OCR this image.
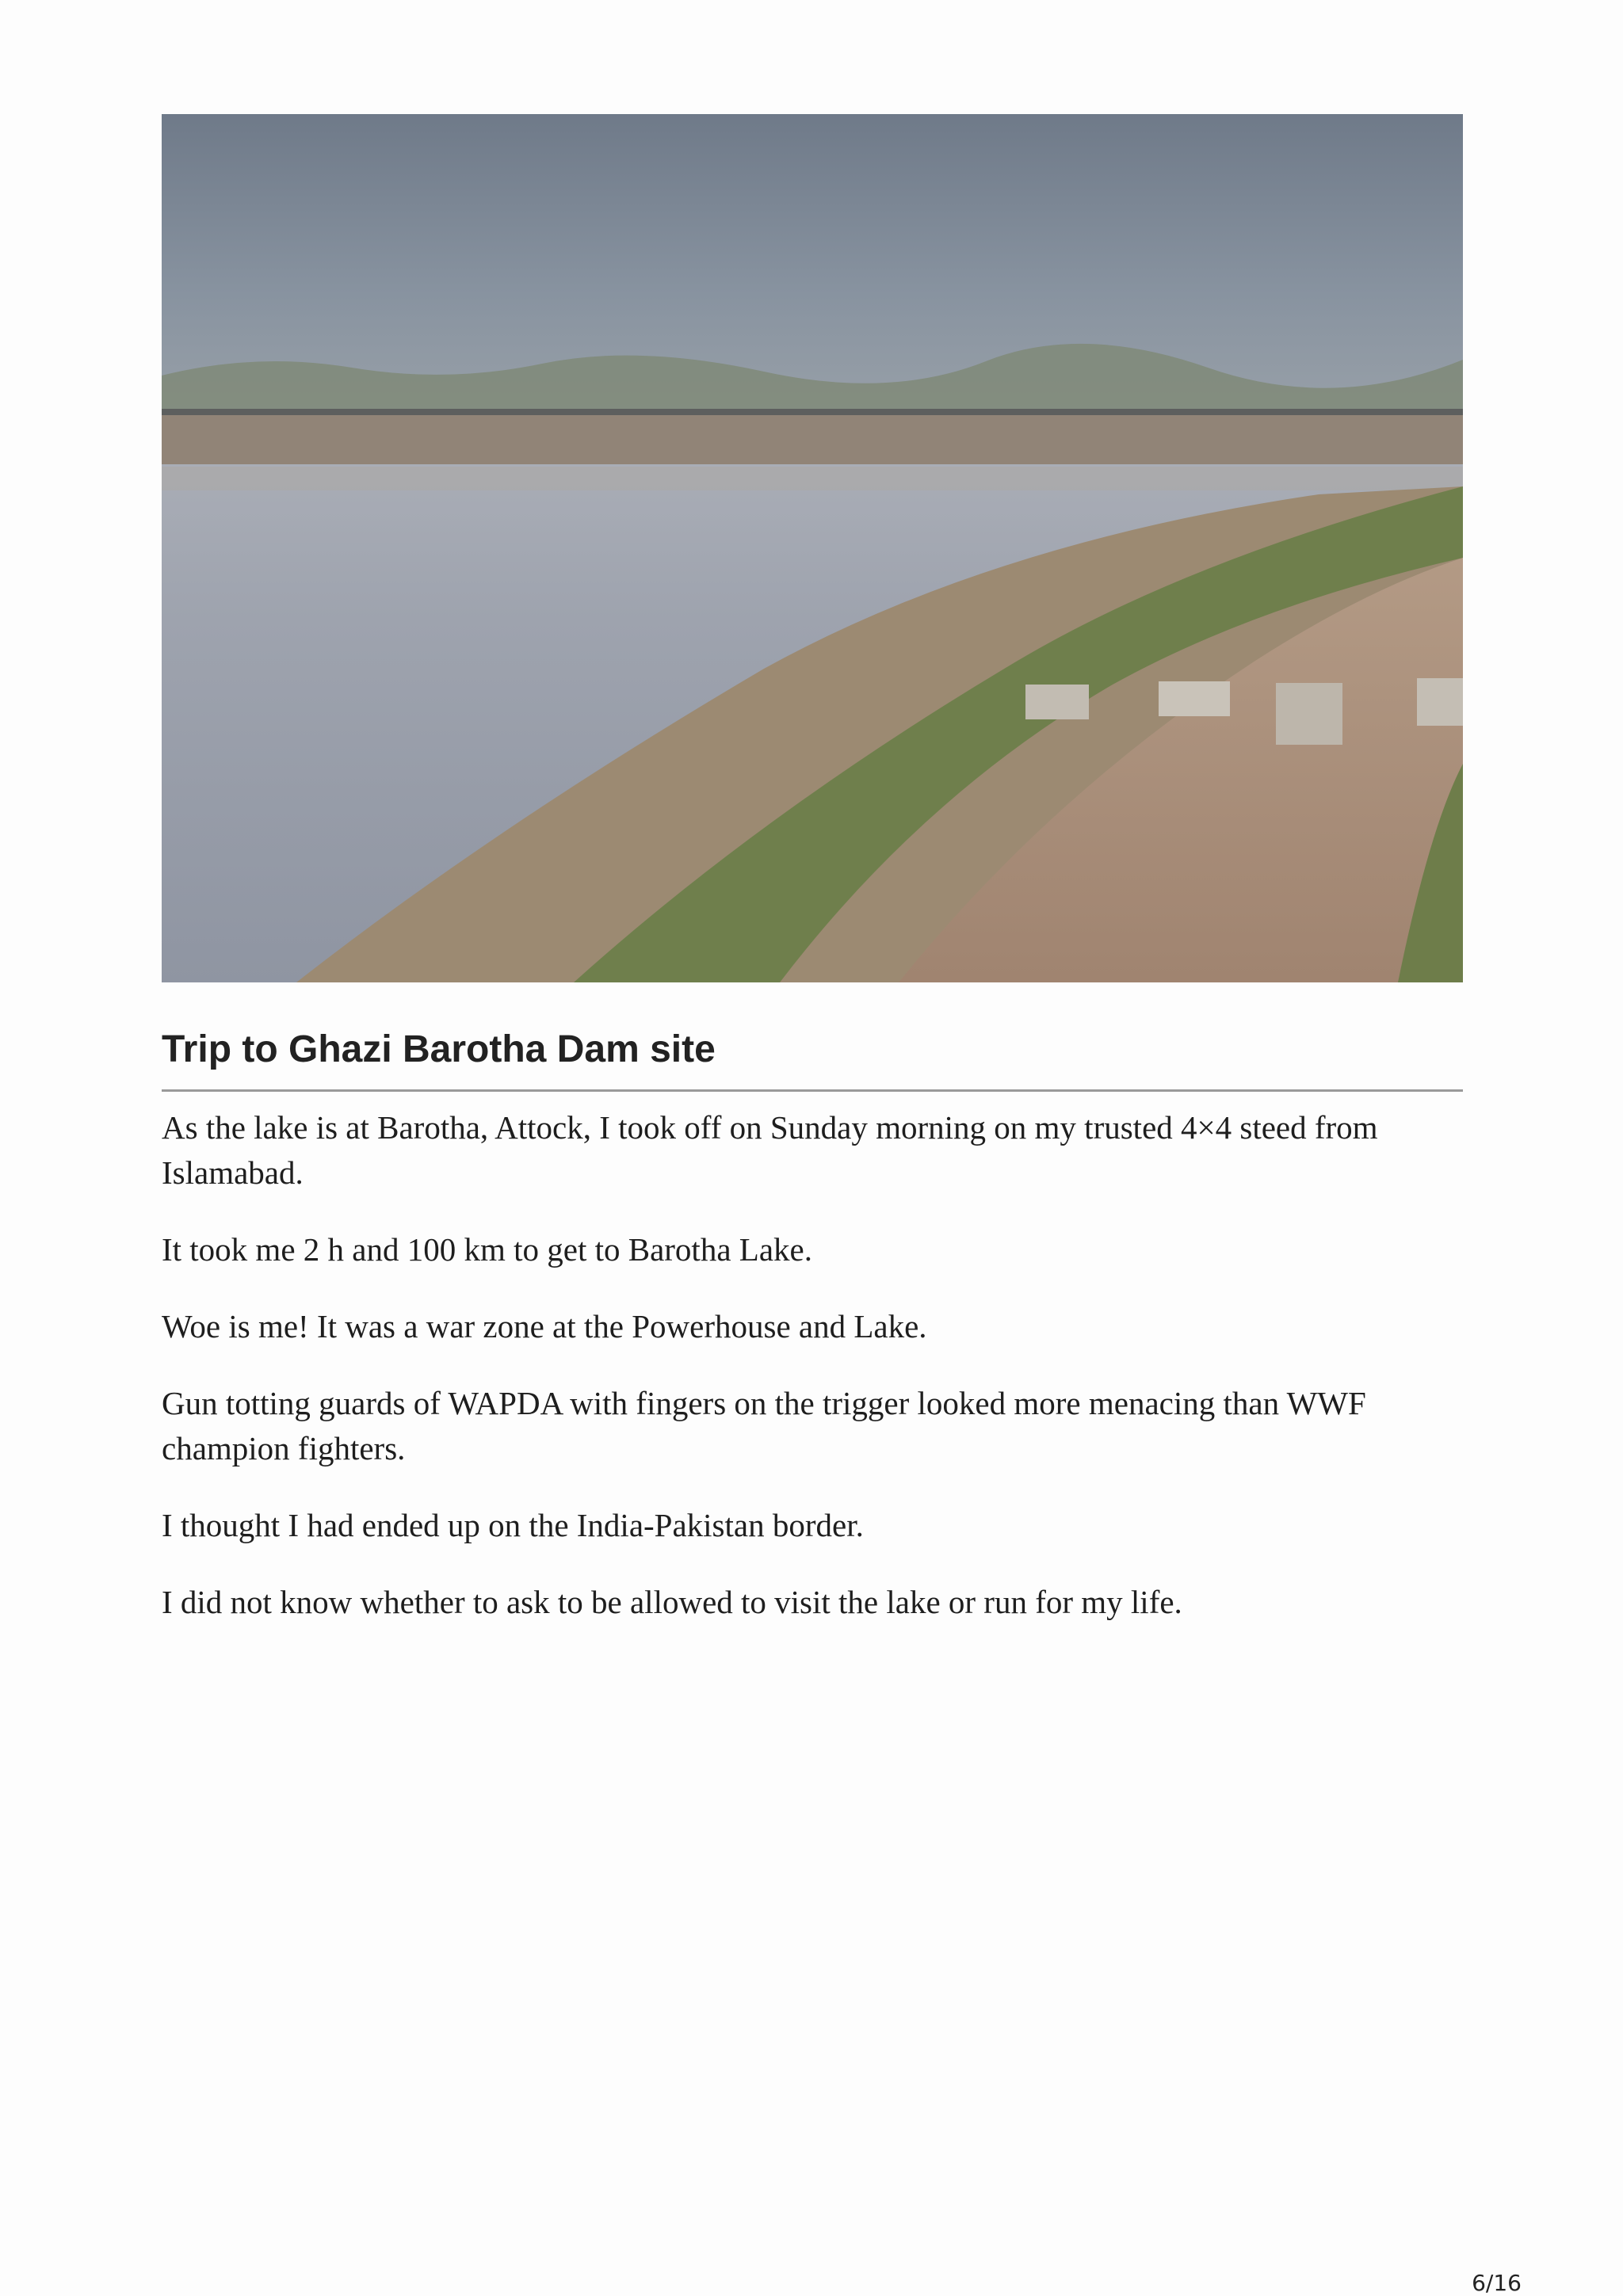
Trip to Ghazi Barotha Dam site

As the lake is at Barotha, Attock, I took off on Sunday morning on my trusted 4×4 steed from Islamabad.

It took me 2 h and 100 km to get to Barotha Lake.

Woe is me! It was a war zone at the Powerhouse and Lake.

Gun totting guards of WAPDA with fingers on the trigger looked more menacing than WWF champion fighters.

I thought I had ended up on the India-Pakistan border.

I did not know whether to ask to be allowed to visit the lake or run for my life.

6/16
